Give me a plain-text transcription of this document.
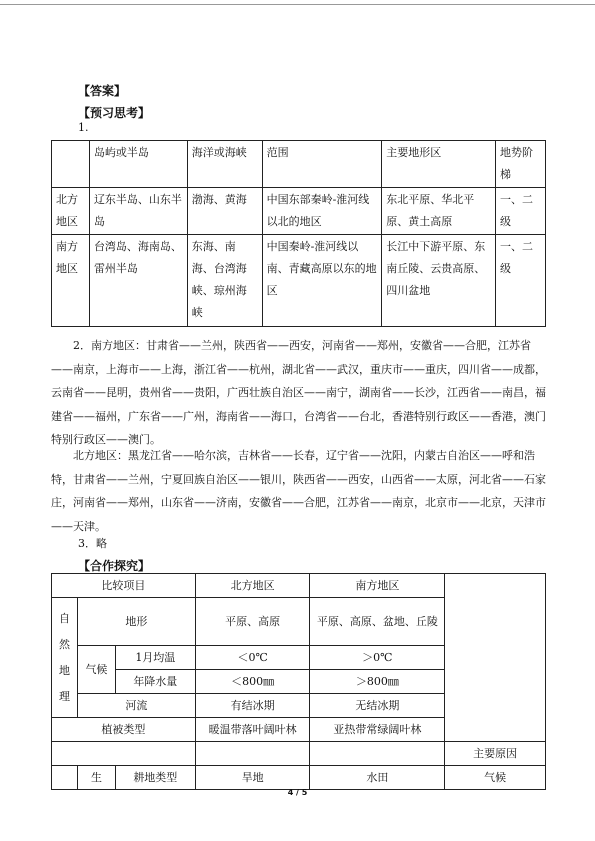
【答案】
【预习思考】
1.
	岛屿或半岛	海洋或海峡	范围	主要地形区	地势阶梯
北方地区	辽东半岛、山东半岛	渤海、黄海	中国东部秦岭-淮河线以北的地区	东北平原、华北平原、黄土高原	一、二级
南方地区	台湾岛、海南岛、雷州半岛	东海、南海、台湾海峡、琼州海峡	中国秦岭-淮河线以南、青藏高原以东的地区	长江中下游平原、东南丘陵、云贵高原、四川盆地	一、二级
2．南方地区：甘肃省——兰州，陕西省——西安，河南省——郑州，安徽省——合肥，江苏省——南京，上海市——上海，浙江省——杭州，湖北省——武汉，重庆市——重庆，四川省——成都，云南省——昆明，贵州省——贵阳，广西壮族自治区——南宁，湖南省——长沙，江西省——南昌，福建省——福州，广东省——广州，海南省——海口，台湾省——台北，香港特别行政区——香港，澳门特别行政区——澳门。
北方地区：黑龙江省——哈尔滨，吉林省——长春，辽宁省——沈阳，内蒙古自治区——呼和浩特，甘肃省——兰州，宁夏回族自治区——银川，陕西省——西安，山西省——太原，河北省——石家庄，河南省——郑州，山东省——济南，安徽省——合肥，江苏省——南京，北京市——北京，天津市——天津。
3．略
【合作探究】
比较项目			北方地区	南方地区	
自然地理	地形		平原、高原	平原、高原、盆地、丘陵	
	气候	1月均温	＜0℃	＞0℃	
		年降水量	＜800㎜	＞800㎜	
	河流		有结冰期	无结冰期	
植被类型			暖温带落叶阔叶林	亚热带常绿阔叶林	
					主要原因
	生	耕地类型	旱地	水田	气候
4 / 5
